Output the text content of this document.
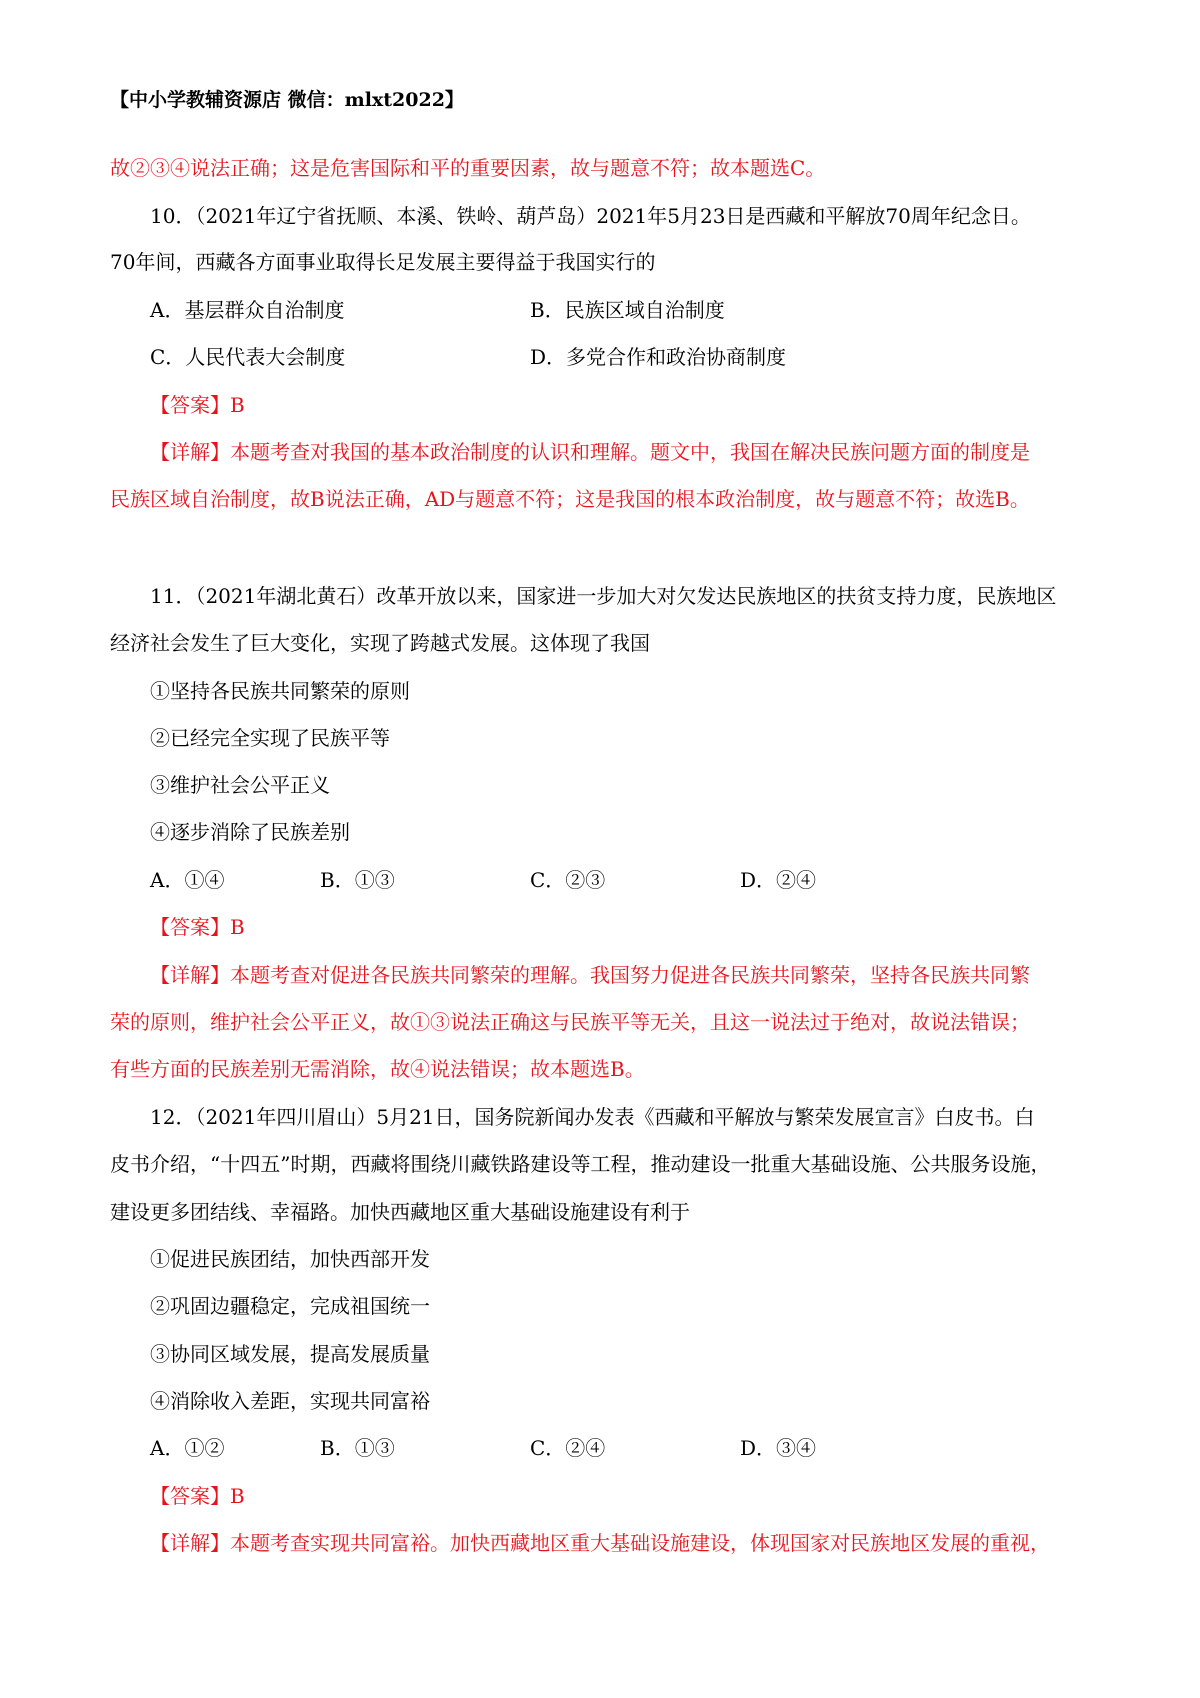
【中小学教辅资源店 微信：mlxt2022】
故②③④说法正确；这是危害国际和平的重要因素，故与题意不符；故本题选C。
10．（2021年辽宁省抚顺、本溪、铁岭、葫芦岛）2021年5月23日是西藏和平解放70周年纪念日。
70年间，西藏各方面事业取得长足发展主要得益于我国实行的
A．基层群众自治制度	B．民族区域自治制度
C．人民代表大会制度	D．多党合作和政治协商制度
【答案】B
【详解】本题考查对我国的基本政治制度的认识和理解。题文中，我国在解决民族问题方面的制度是
民族区域自治制度，故B说法正确，AD与题意不符；这是我国的根本政治制度，故与题意不符；故选B。
11．（2021年湖北黄石）改革开放以来，国家进一步加大对欠发达民族地区的扶贫支持力度，民族地区
经济社会发生了巨大变化，实现了跨越式发展。这体现了我国
①坚持各民族共同繁荣的原则
②已经完全实现了民族平等
③维护社会公平正义
④逐步消除了民族差别
A．①④	B．①③	C．②③	D．②④
【答案】B
【详解】本题考查对促进各民族共同繁荣的理解。我国努力促进各民族共同繁荣，坚持各民族共同繁
荣的原则，维护社会公平正义，故①③说法正确这与民族平等无关，且这一说法过于绝对，故说法错误；
有些方面的民族差别无需消除，故④说法错误；故本题选B。
12．（2021年四川眉山）5月21日，国务院新闻办发表《西藏和平解放与繁荣发展宣言》白皮书。白
皮书介绍，“十四五”时期，西藏将围绕川藏铁路建设等工程，推动建设一批重大基础设施、公共服务设施，
建设更多团结线、幸福路。加快西藏地区重大基础设施建设有利于
①促进民族团结，加快西部开发
②巩固边疆稳定，完成祖国统一
③协同区域发展，提高发展质量
④消除收入差距，实现共同富裕
A．①②	B．①③	C．②④	D．③④
【答案】B
【详解】本题考查实现共同富裕。加快西藏地区重大基础设施建设，体现国家对民族地区发展的重视，
